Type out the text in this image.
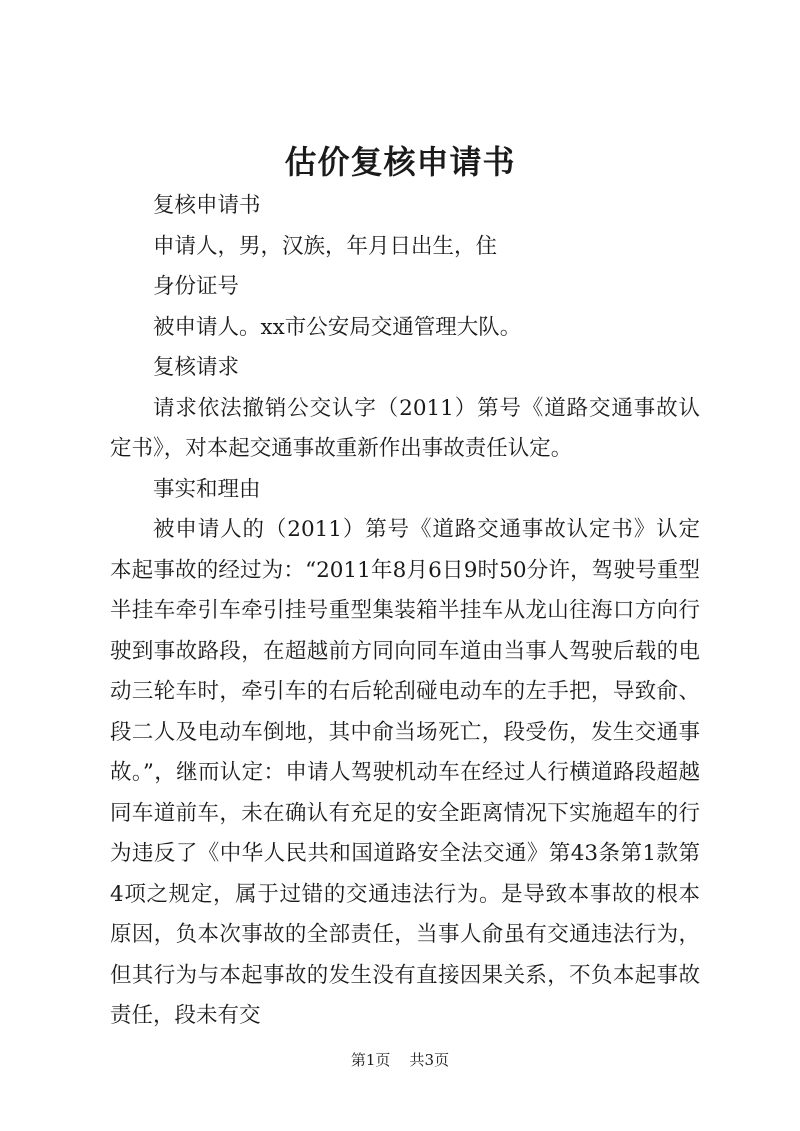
估价复核申请书

复核申请书

申请人，男，汉族，年月日出生，住

身份证号

被申请人。xx市公安局交通管理大队。

复核请求

请求依法撤销公交认字（2011）第号《道路交通事故认定书》，对本起交通事故重新作出事故责任认定。

事实和理由

被申请人的（2011）第号《道路交通事故认定书》认定本起事故的经过为：“2011年8月6日9时50分许，驾驶号重型半挂车牵引车牵引挂号重型集装箱半挂车从龙山往海口方向行驶到事故路段，在超越前方同向同车道由当事人驾驶后载的电动三轮车时，牵引车的右后轮刮碰电动车的左手把，导致俞、段二人及电动车倒地，其中俞当场死亡，段受伤，发生交通事故。”，继而认定：申请人驾驶机动车在经过人行横道路段超越同车道前车，未在确认有充足的安全距离情况下实施超车的行为违反了《中华人民共和国道路安全法交通》第43条第1款第4项之规定，属于过错的交通违法行为。是导致本事故的根本原因，负本次事故的全部责任，当事人俞虽有交通违法行为，但其行为与本起事故的发生没有直接因果关系，不负本起事故责任，段未有交

第1页 共3页
